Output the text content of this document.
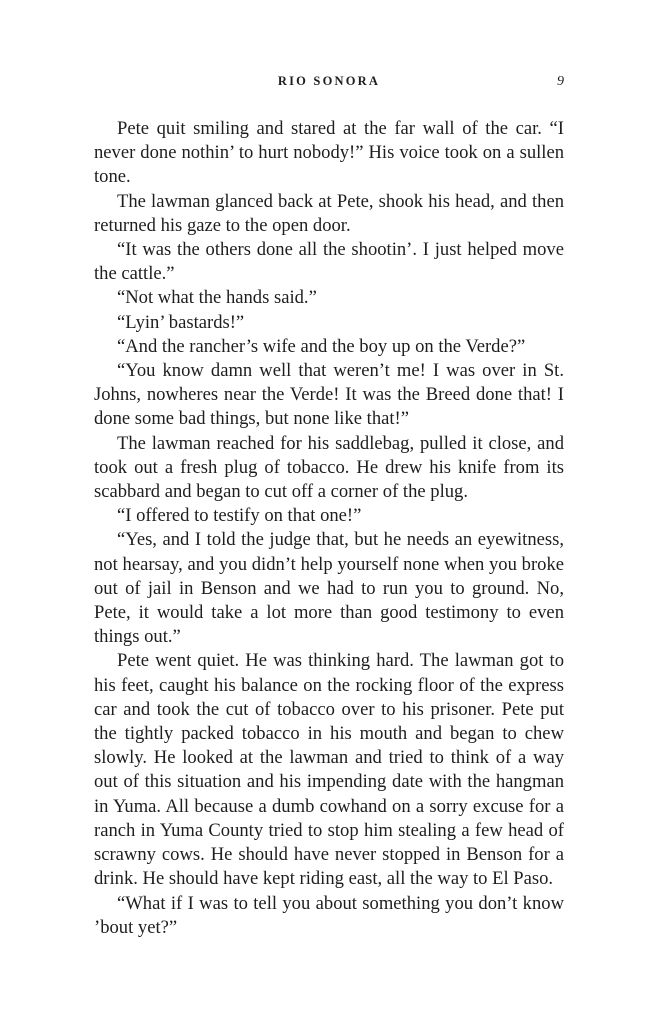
RIO SONORA	9

Pete quit smiling and stared at the far wall of the car. “I never done nothin’ to hurt nobody!” His voice took on a sullen tone.

The lawman glanced back at Pete, shook his head, and then returned his gaze to the open door.

“It was the others done all the shootin’. I just helped move the cattle.”

“Not what the hands said.”

“Lyin’ bastards!”

“And the rancher’s wife and the boy up on the Verde?”

“You know damn well that weren’t me! I was over in St. Johns, nowheres near the Verde! It was the Breed done that! I done some bad things, but none like that!”

The lawman reached for his saddlebag, pulled it close, and took out a fresh plug of tobacco. He drew his knife from its scabbard and began to cut off a corner of the plug.

“I offered to testify on that one!”

“Yes, and I told the judge that, but he needs an eyewitness, not hearsay, and you didn’t help yourself none when you broke out of jail in Benson and we had to run you to ground. No, Pete, it would take a lot more than good testimony to even things out.”

Pete went quiet. He was thinking hard. The lawman got to his feet, caught his balance on the rocking floor of the express car and took the cut of tobacco over to his prisoner. Pete put the tightly packed tobacco in his mouth and began to chew slowly. He looked at the lawman and tried to think of a way out of this situation and his impending date with the hangman in Yuma. All because a dumb cowhand on a sorry excuse for a ranch in Yuma County tried to stop him stealing a few head of scrawny cows. He should have never stopped in Benson for a drink. He should have kept riding east, all the way to El Paso.

“What if I was to tell you about something you don’t know ’bout yet?”
